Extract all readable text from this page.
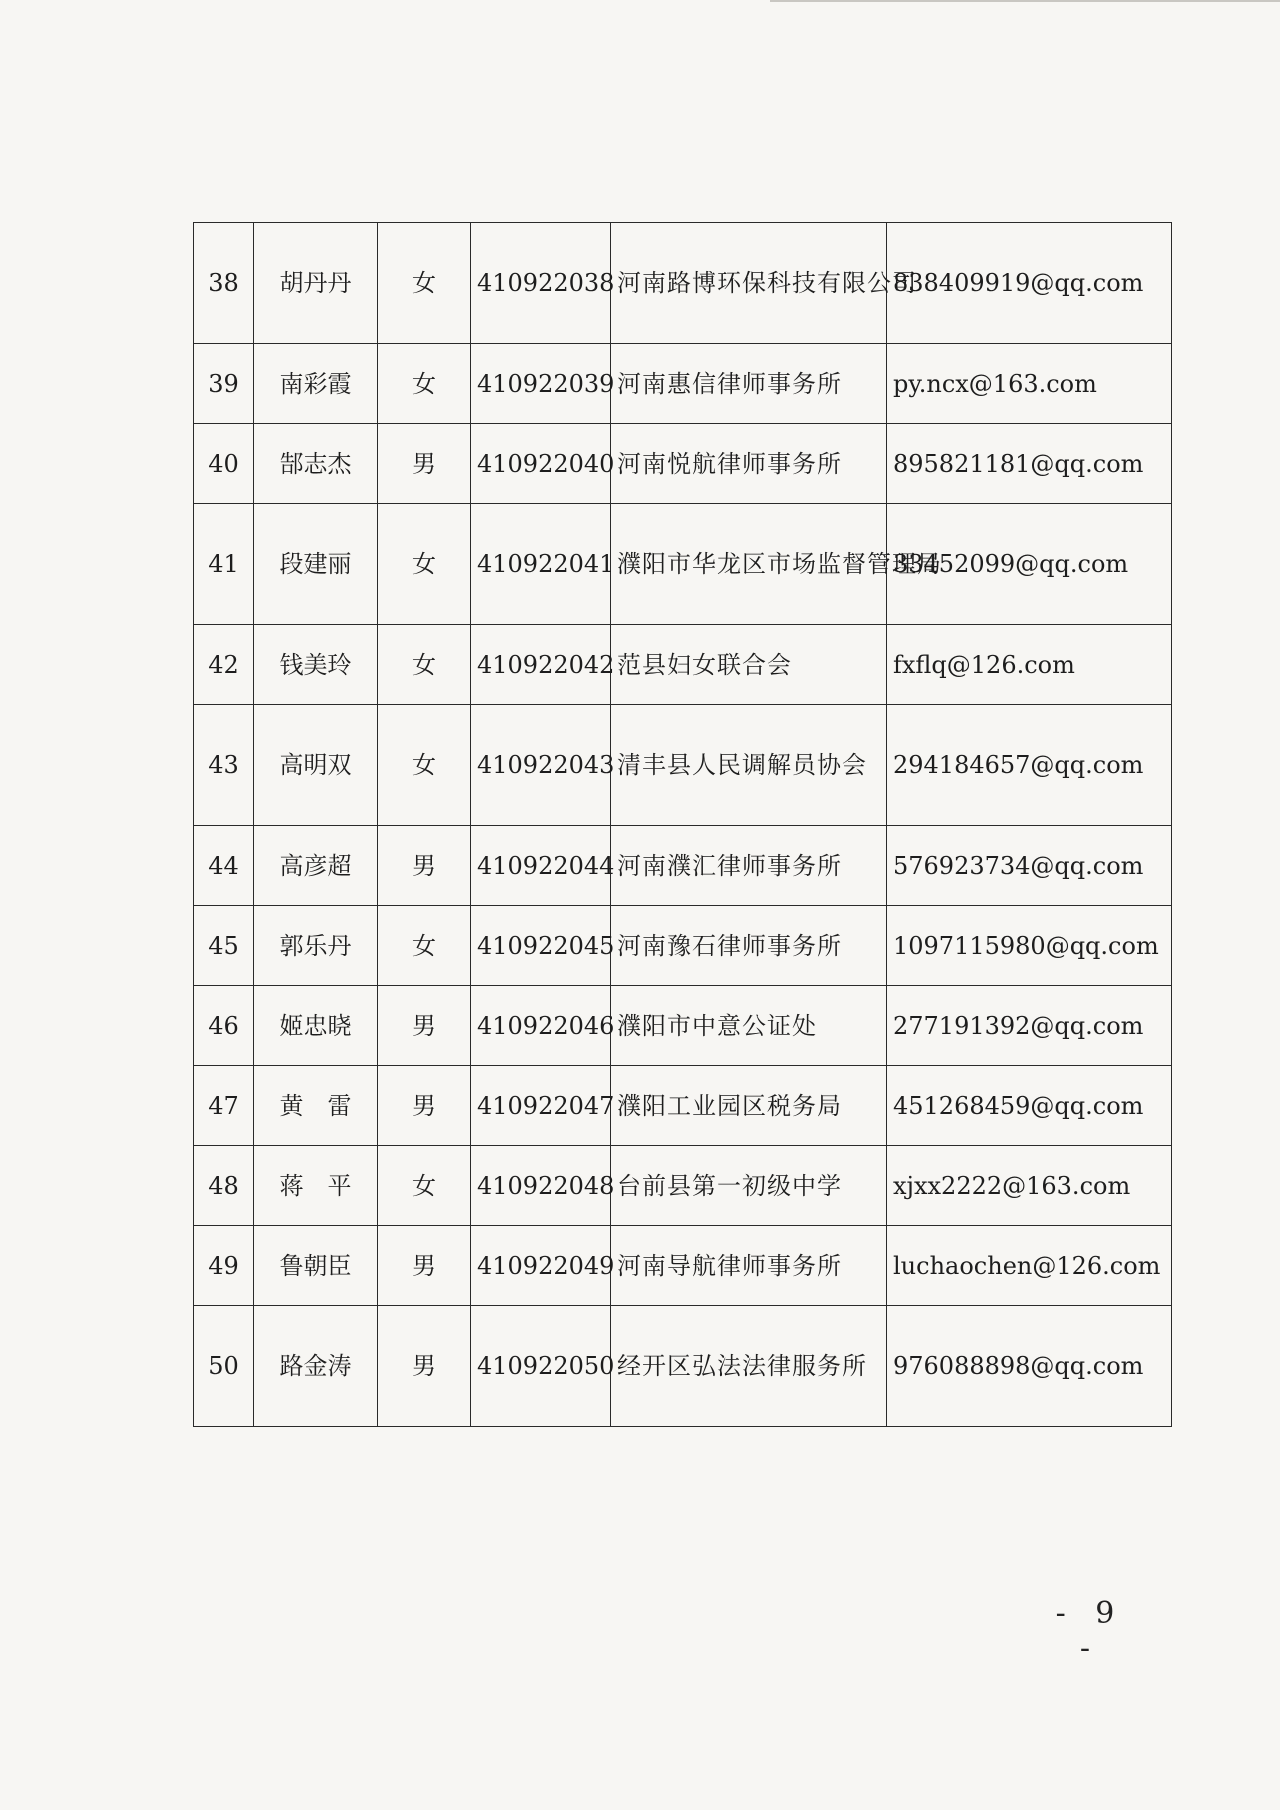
38	胡丹丹	女	410922038	河南路博环保科技有限公司	838409919@qq.com
39	南彩霞	女	410922039	河南惠信律师事务所	py.ncx@163.com
40	郜志杰	男	410922040	河南悦航律师事务所	895821181@qq.com
41	段建丽	女	410922041	濮阳市华龙区市场监督管理局	33452099@qq.com
42	钱美玲	女	410922042	范县妇女联合会	fxflq@126.com
43	高明双	女	410922043	清丰县人民调解员协会	294184657@qq.com
44	高彦超	男	410922044	河南濮汇律师事务所	576923734@qq.com
45	郭乐丹	女	410922045	河南豫石律师事务所	1097115980@qq.com
46	姬忠晓	男	410922046	濮阳市中意公证处	277191392@qq.com
47	黄　雷	男	410922047	濮阳工业园区税务局	451268459@qq.com
48	蒋　平	女	410922048	台前县第一初级中学	xjxx2222@163.com
49	鲁朝臣	男	410922049	河南导航律师事务所	luchaochen@126.com
50	路金涛	男	410922050	经开区弘法法律服务所	976088898@qq.com
- 9 -
